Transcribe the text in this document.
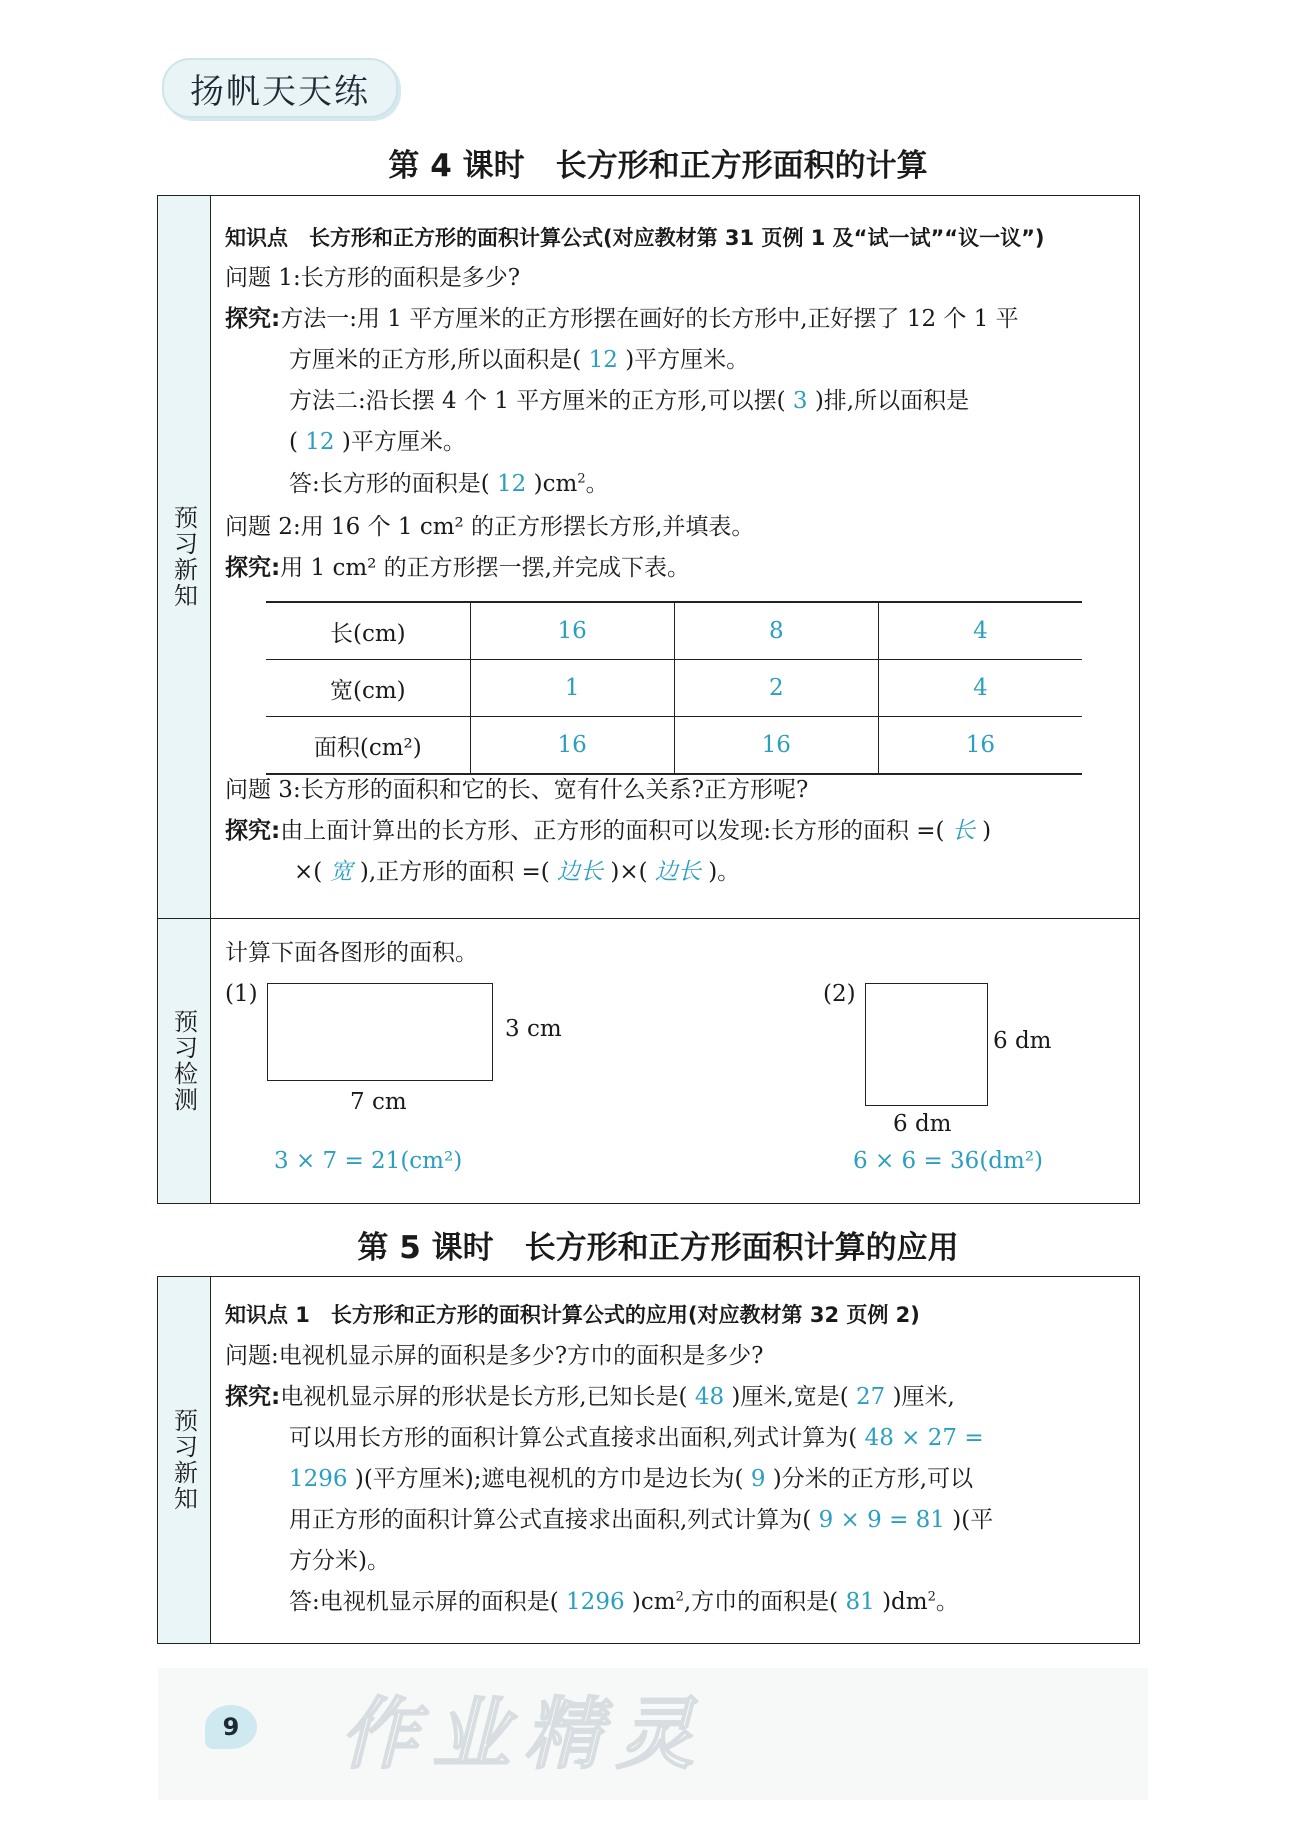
扬帆天天练
第 4 课时　长方形和正方形面积的计算
预习新知
预习检测
知识点　长方形和正方形的面积计算公式(对应教材第 31 页例 1 及“试一试”“议一议”)
问题 1:长方形的面积是多少?
探究:方法一:用 1 平方厘米的正方形摆在画好的长方形中,正好摆了 12 个 1 平
方厘米的正方形,所以面积是( 12 )平方厘米。
方法二:沿长摆 4 个 1 平方厘米的正方形,可以摆( 3 )排,所以面积是
( 12 )平方厘米。
答:长方形的面积是( 12 )$cm^2$。
问题 2:用 16 个 1 cm² 的正方形摆长方形,并填表。
探究:用 1 cm² 的正方形摆一摆,并完成下表。
长(cm)	16	8	4
宽(cm)	1	2	4
面积(cm²)	16	16	16
问题 3:长方形的面积和它的长、宽有什么关系?正方形呢?
探究:由上面计算出的长方形、正方形的面积可以发现:长方形的面积 =( 长 )
×( 宽 ),正方形的面积 =( 边长 )×( 边长 )。
计算下面各图形的面积。
(1)
3 cm
7 cm
3 × 7 = 21(cm²)
(2)
6 dm
6 dm
6 × 6 = 36(dm²)
第 5 课时　长方形和正方形面积计算的应用
预习新知
知识点 1　长方形和正方形的面积计算公式的应用(对应教材第 32 页例 2)
问题:电视机显示屏的面积是多少?方巾的面积是多少?
探究:电视机显示屏的形状是长方形,已知长是( 48 )厘米,宽是( 27 )厘米,
可以用长方形的面积计算公式直接求出面积,列式计算为( 48 × 27 =
1296 )(平方厘米);遮电视机的方巾是边长为( 9 )分米的正方形,可以
用正方形的面积计算公式直接求出面积,列式计算为( 9 × 9 = 81 )(平
方分米)。
答:电视机显示屏的面积是( 1296 )$cm^2$,方巾的面积是( 81 )$dm^2$。
作业精灵
9
